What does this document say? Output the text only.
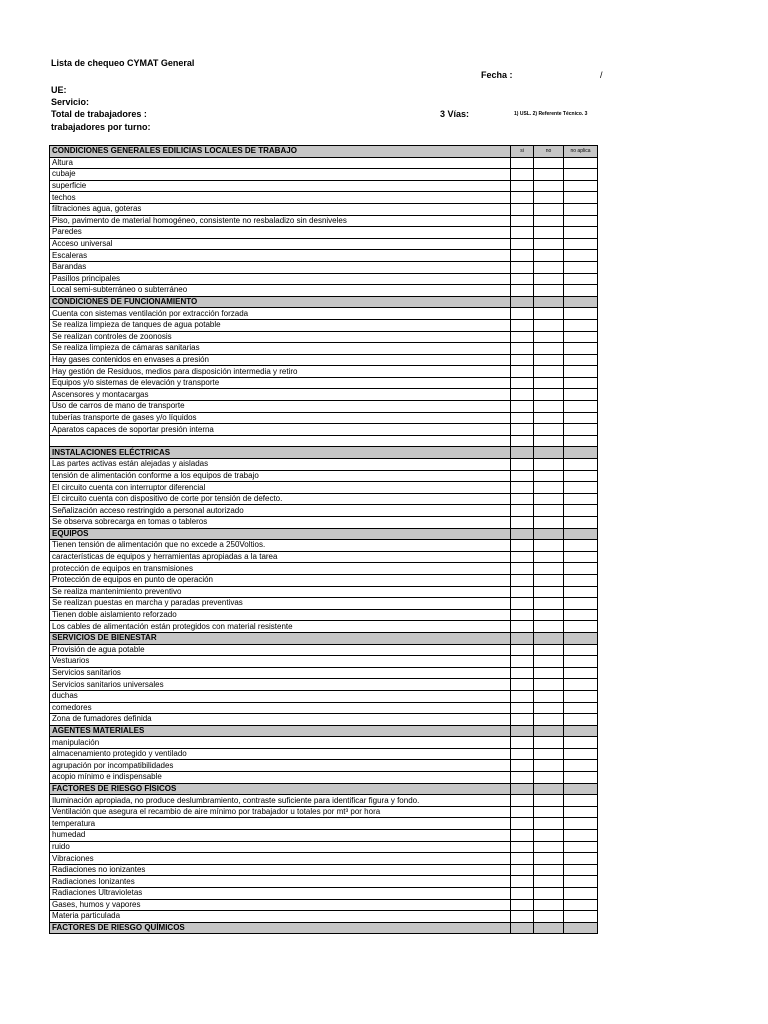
Lista de chequeo CYMAT General
Fecha :	/
UE:
Servicio:
Total de trabajadores :	3 Vías:	1) USL. 2) Referente Técnico. 3
trabajadores por turno:
CONDICIONES GENERALES EDILICIAS LOCALES DE TRABAJO	si	no	no aplica
Altura			
cubaje			
superficie			
techos			
filtraciones agua, goteras			
Piso, pavimento de material homogéneo, consistente no resbaladizo sin desniveles			
Paredes			
Acceso universal			
Escaleras			
Barandas			
Pasillos principales			
Local semi-subterráneo o subterráneo			
CONDICIONES DE FUNCIONAMIENTO			
Cuenta con sistemas ventilación por extracción forzada			
Se realiza limpieza de tanques de agua potable			
Se realizan controles de zoonosis			
Se realiza limpieza de cámaras sanitarias			
Hay gases contenidos en envases a presión			
Hay gestión de Residuos, medios para disposición intermedia y retiro			
Equipos y/o sistemas de elevación y transporte			
Ascensores y montacargas			
Uso de carros de mano de transporte			
tuberías transporte de gases y/o líquidos			
Aparatos capaces de soportar presión interna			

INSTALACIONES ELÉCTRICAS			
Las partes activas están alejadas y aisladas			
tensión de alimentación conforme a los equipos de trabajo			
El circuito cuenta con interruptor diferencial			
El circuito cuenta con dispositivo de corte por tensión de defecto.			
Señalización acceso restringido a personal autorizado			
Se observa sobrecarga en tomas o tableros			
EQUIPOS			
Tienen tensión de alimentación que no excede a 250Voltios.			
características de equipos y herramientas apropiadas a la tarea			
protección de equipos en transmisiones			
Protección de equipos en punto de operación			
Se realiza mantenimiento preventivo			
Se realizan puestas en marcha y paradas preventivas			
Tienen doble aislamiento reforzado			
Los cables de alimentación están protegidos con material resistente			
SERVICIOS DE BIENESTAR			
Provisión de agua potable			
Vestuarios			
Servicios sanitarios			
Servicios sanitarios universales			
duchas			
comedores			
Zona de fumadores definida			
AGENTES MATERIALES			
manipulación			
almacenamiento protegido y ventilado			
agrupación por incompatibilidades			
acopio mínimo e indispensable			
FACTORES DE RIESGO FÍSICOS			
Iluminación apropiada, no produce deslumbramiento, contraste suficiente para identificar figura y fondo.			
Ventilación que asegura el recambio de aire mínimo por trabajador u totales por mt³ por hora			
temperatura			
humedad			
ruido			
Vibraciones			
Radiaciones no ionizantes			
Radiaciones Ionizantes			
Radiaciones Ultravioletas			
Gases, humos y vapores			
Materia particulada			
FACTORES DE RIESGO QUÍMICOS			
